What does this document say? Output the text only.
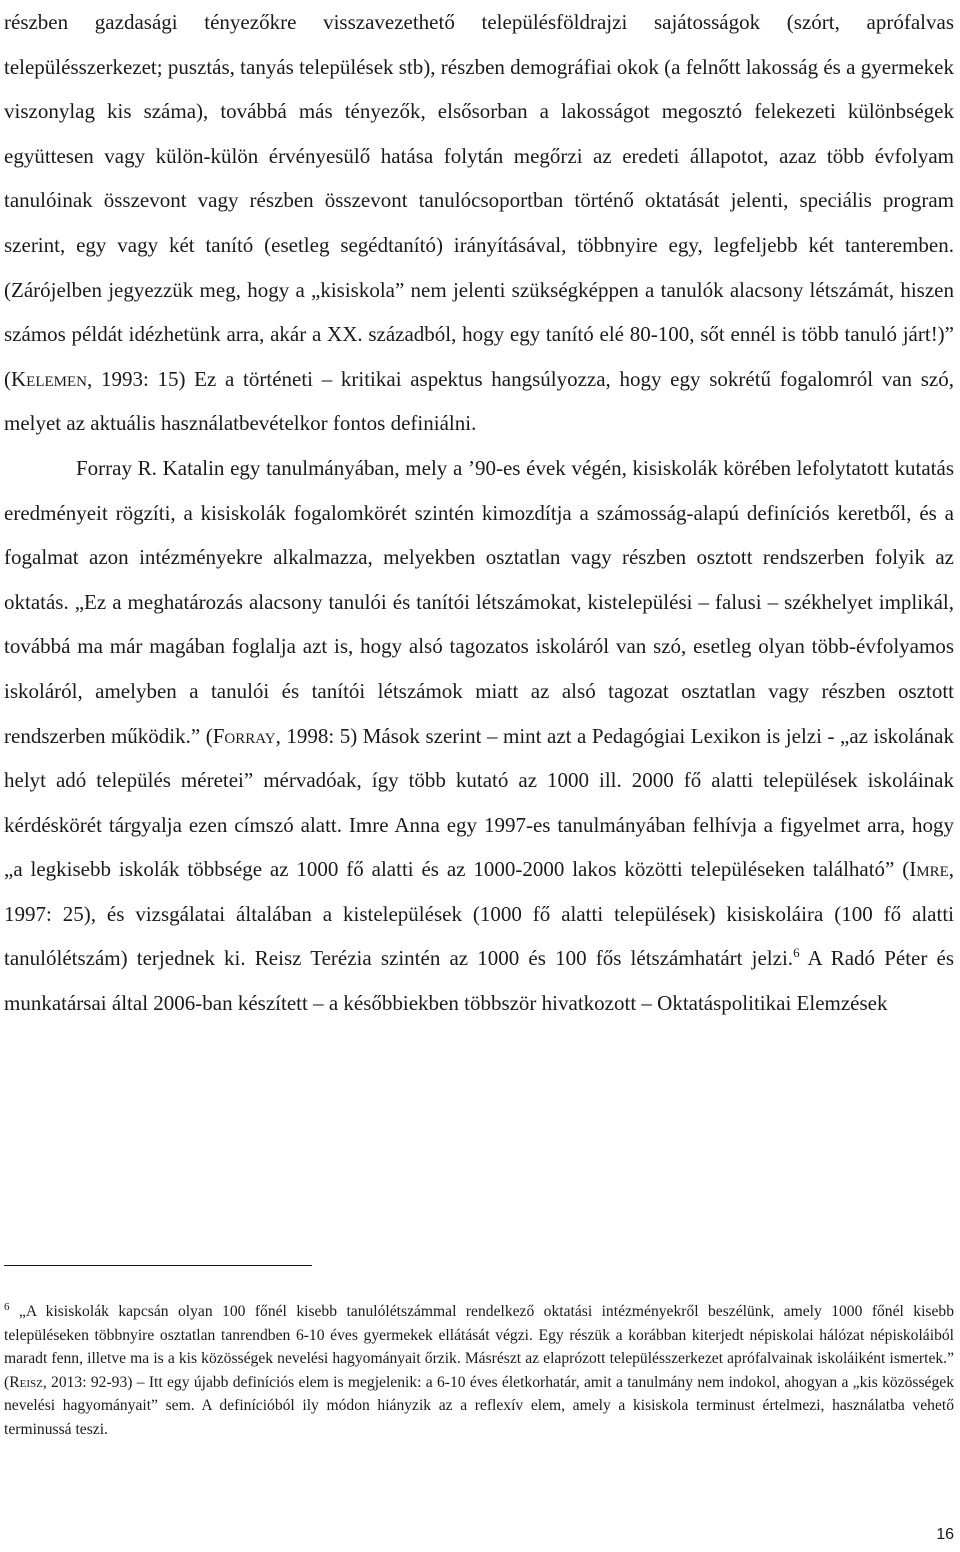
részben gazdasági tényezőkre visszavezethető településföldrajzi sajátosságok (szórt, aprófalvas településszerkezet; pusztás, tanyás települések stb), részben demográfiai okok (a felnőtt lakosság és a gyermekek viszonylag kis száma), továbbá más tényezők, elsősorban a lakosságot megosztó felekezeti különbségek együttesen vagy külön-külön érvényesülő hatása folytán megőrzi az eredeti állapotot, azaz több évfolyam tanulóinak összevont vagy részben összevont tanulócsoportban történő oktatását jelenti, speciális program szerint, egy vagy két tanító (esetleg segédtanító) irányításával, többnyire egy, legfeljebb két tanteremben. (Zárójelben jegyezzük meg, hogy a „kisiskola” nem jelenti szükségképpen a tanulók alacsony létszámát, hiszen számos példát idézhetünk arra, akár a XX. századból, hogy egy tanító elé 80-100, sőt ennél is több tanuló járt!)” (Kelemen, 1993: 15) Ez a történeti – kritikai aspektus hangsúlyozza, hogy egy sokrétű fogalomról van szó, melyet az aktuális használatbevételkor fontos definiálni.

Forray R. Katalin egy tanulmányában, mely a ’90-es évek végén, kisiskolák körében lefolytatott kutatás eredményeit rögzíti, a kisiskolák fogalomkörét szintén kimozdítja a számosság-alapú definíciós keretből, és a fogalmat azon intézményekre alkalmazza, melyekben osztatlan vagy részben osztott rendszerben folyik az oktatás. „Ez a meghatározás alacsony tanulói és tanítói létszámokat, kistelepülési – falusi – székhelyet implikál, továbbá ma már magában foglalja azt is, hogy alsó tagozatos iskoláról van szó, esetleg olyan több-évfolyamos iskoláról, amelyben a tanulói és tanítói létszámok miatt az alsó tagozat osztatlan vagy részben osztott rendszerben működik.” (Forray, 1998: 5) Mások szerint – mint azt a Pedagógiai Lexikon is jelzi - „az iskolának helyt adó település méretei” mérvadóak, így több kutató az 1000 ill. 2000 fő alatti települések iskoláinak kérdéskörét tárgyalja ezen címszó alatt. Imre Anna egy 1997-es tanulmányában felhívja a figyelmet arra, hogy „a legkisebb iskolák többsége az 1000 fő alatti és az 1000-2000 lakos közötti településeken található” (Imre, 1997: 25), és vizsgálatai általában a kistelepülések (1000 fő alatti települések) kisiskoláira (100 fő alatti tanulólétszám) terjednek ki. Reisz Terézia szintén az 1000 és 100 fős létszámhatárt jelzi.$^6$ A Radó Péter és munkatársai által 2006-ban készített – a későbbiekben többször hivatkozott – Oktatáspolitikai Elemzések

$^6$ „A kisiskolák kapcsán olyan 100 főnél kisebb tanulólétszámmal rendelkező oktatási intézményekről beszélünk, amely 1000 főnél kisebb településeken többnyire osztatlan tanrendben 6-10 éves gyermekek ellátását végzi. Egy részük a korábban kiterjedt népiskolai hálózat népiskoláiból maradt fenn, illetve ma is a kis közösségek nevelési hagyományait őrzik. Másrészt az elaprózott településszerkezet aprófalvainak iskoláiként ismertek.” (Reisz, 2013: 92-93) – Itt egy újabb definíciós elem is megjelenik: a 6-10 éves életkorhatár, amit a tanulmány nem indokol, ahogyan a „kis közösségek nevelési hagyományait” sem. A definícióból ily módon hiányzik az a reflexív elem, amely a kisiskola terminust értelmezi, használatba vehető terminussá teszi.

16
